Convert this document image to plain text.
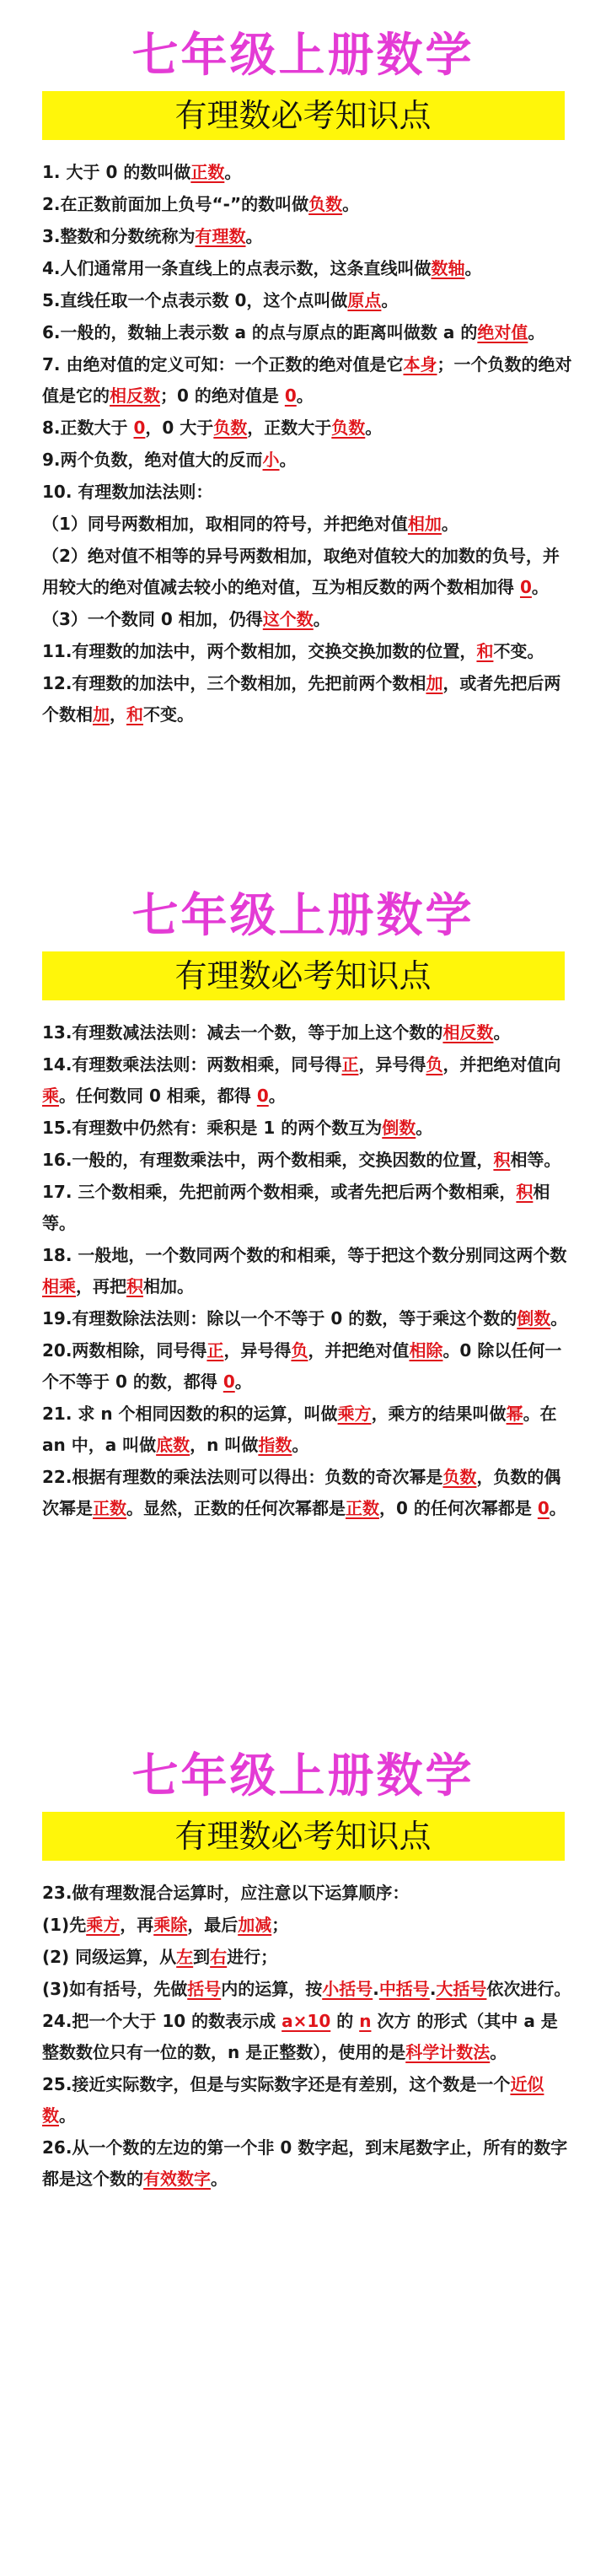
七年级上册数学
有理数必考知识点
1. 大于 0 的数叫做正数。
2.在正数前面加上负号“-”的数叫做负数。
3.整数和分数统称为有理数。
4.人们通常用一条直线上的点表示数，这条直线叫做数轴。
5.直线任取一个点表示数 0，这个点叫做原点。
6.一般的，数轴上表示数 a 的点与原点的距离叫做数 a 的绝对值。
7. 由绝对值的定义可知：一个正数的绝对值是它本身；一个负数的绝对值是它的相反数；0 的绝对值是 0。
8.正数大于 0，0 大于负数，正数大于负数。
9.两个负数，绝对值大的反而小。
10. 有理数加法法则：
（1）同号两数相加，取相同的符号，并把绝对值相加。
（2）绝对值不相等的异号两数相加，取绝对值较大的加数的负号，并用较大的绝对值减去较小的绝对值，互为相反数的两个数相加得 0。
（3）一个数同 0 相加，仍得这个数。
11.有理数的加法中，两个数相加，交换交换加数的位置，和不变。
12.有理数的加法中，三个数相加，先把前两个数相加，或者先把后两个数相加，和不变。
七年级上册数学
有理数必考知识点
13.有理数减法法则：减去一个数，等于加上这个数的相反数。
14.有理数乘法法则：两数相乘，同号得正，异号得负，并把绝对值向乘。任何数同 0 相乘，都得 0。
15.有理数中仍然有：乘积是 1 的两个数互为倒数。
16.一般的，有理数乘法中，两个数相乘，交换因数的位置，积相等。
17. 三个数相乘，先把前两个数相乘，或者先把后两个数相乘，积相等。
18. 一般地，一个数同两个数的和相乘，等于把这个数分别同这两个数相乘，再把积相加。
19.有理数除法法则：除以一个不等于 0 的数，等于乘这个数的倒数。
20.两数相除，同号得正，异号得负，并把绝对值相除。0 除以任何一个不等于 0 的数，都得 0。
21. 求 n 个相同因数的积的运算，叫做乘方，乘方的结果叫做幂。在 an 中，a 叫做底数，n 叫做指数。
22.根据有理数的乘法法则可以得出：负数的奇次幂是负数，负数的偶次幂是正数。显然，正数的任何次幂都是正数，0 的任何次幂都是 0。
七年级上册数学
有理数必考知识点
23.做有理数混合运算时，应注意以下运算顺序：
(1)先乘方，再乘除，最后加减；
(2) 同级运算，从左到右进行；
(3)如有括号，先做括号内的运算，按小括号.中括号.大括号依次进行。
24.把一个大于 10 的数表示成 a×10 的 n 次方 的形式（其中 a 是整数数位只有一位的数，n 是正整数），使用的是科学计数法。
25.接近实际数字，但是与实际数字还是有差别，这个数是一个近似数。
26.从一个数的左边的第一个非 0 数字起，到末尾数字止，所有的数字都是这个数的有效数字。
